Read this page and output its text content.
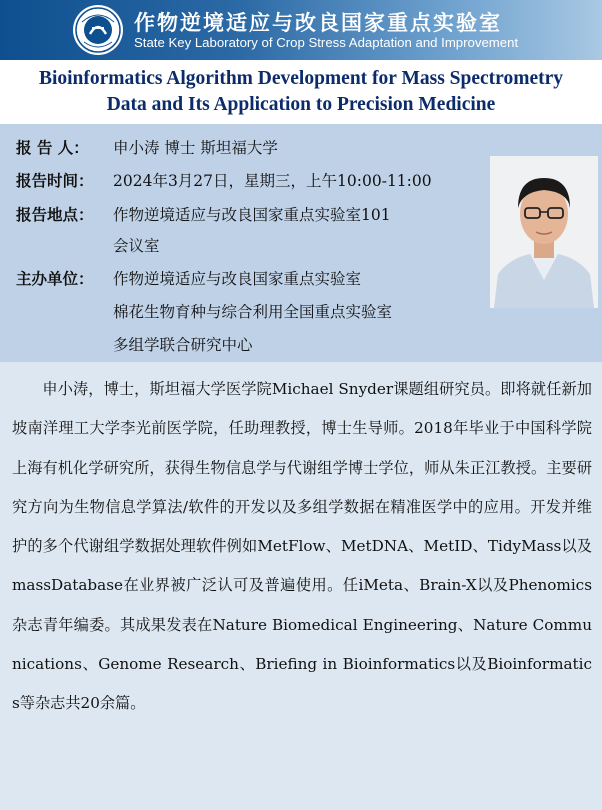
作物逆境适应与改良国家重点实验室
State Key Laboratory of Crop Stress Adaptation and Improvement
Bioinformatics Algorithm Development for Mass Spectrometry
Data and Its Application to Precision Medicine
报 告 人：	申小涛 博士 斯坦福大学
报告时间：	2024年3月27日，星期三，上午10:00-11:00
报告地点：	作物逆境适应与改良国家重点实验室101
会议室
主办单位：	作物逆境适应与改良国家重点实验室
棉花生物育种与综合利用全国重点实验室
多组学联合研究中心
申小涛，博士，斯坦福大学医学院Michael Snyder课题组研究员。即将就任新加坡南洋理工大学李光前医学院，任助理教授，博士生导师。2018年毕业于中国科学院上海有机化学研究所，获得生物信息学与代谢组学博士学位，师从朱正江教授。主要研究方向为生物信息学算法/软件的开发以及多组学数据在精准医学中的应用。开发并维护的多个代谢组学数据处理软件例如MetFlow、MetDNA、MetID、TidyMass以及massDatabase在业界被广泛认可及普遍使用。任iMeta、Brain-X以及Phenomics杂志青年编委。其成果发表在Nature Biomedical Engineering、Nature Communications、Genome Research、Briefing in Bioinformatics以及Bioinformatics等杂志共20余篇。
